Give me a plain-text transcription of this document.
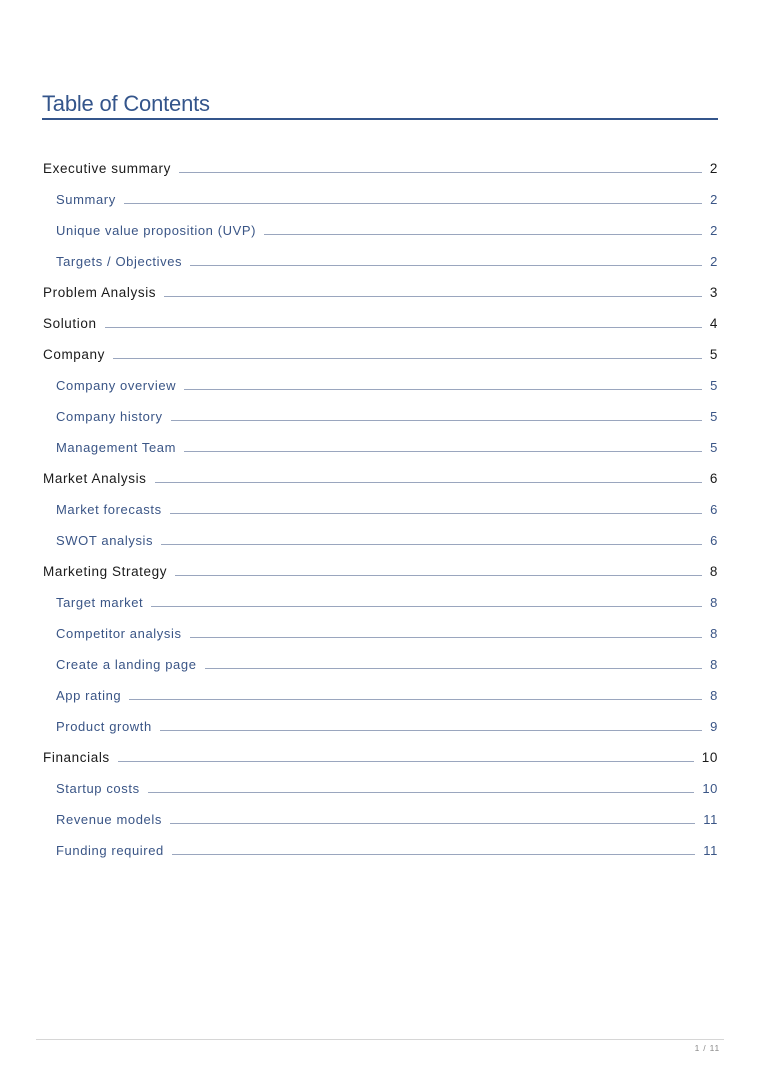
Table of Contents
Executive summary	2
Summary	2
Unique value proposition (UVP)	2
Targets / Objectives	2
Problem Analysis	3
Solution	4
Company	5
Company overview	5
Company history	5
Management Team	5
Market Analysis	6
Market forecasts	6
SWOT analysis	6
Marketing Strategy	8
Target market	8
Competitor analysis	8
Create a landing page	8
App rating	8
Product growth	9
Financials	10
Startup costs	10
Revenue models	11
Funding required	11
1 / 11
